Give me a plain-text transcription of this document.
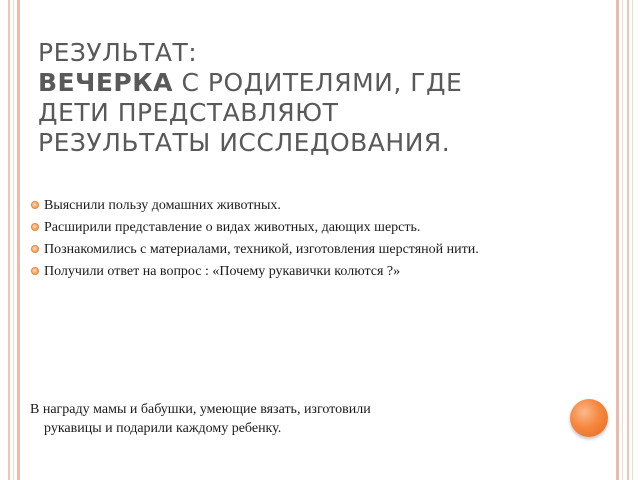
РЕЗУЛЬТАТ:
ВЕЧЕРКА С РОДИТЕЛЯМИ, ГДЕ
ДЕТИ ПРЕДСТАВЛЯЮТ
РЕЗУЛЬТАТЫ ИССЛЕДОВАНИЯ.
Выяснили пользу домашних животных.
Расширили представление о видах животных, дающих шерсть.
Познакомились с материалами, техникой, изготовления шерстяной нити.
Получили ответ на вопрос : «Почему рукавички колются ?»

В награду мамы и бабушки, умеющие вязать, изготовили
рукавицы и подарили каждому ребенку.
